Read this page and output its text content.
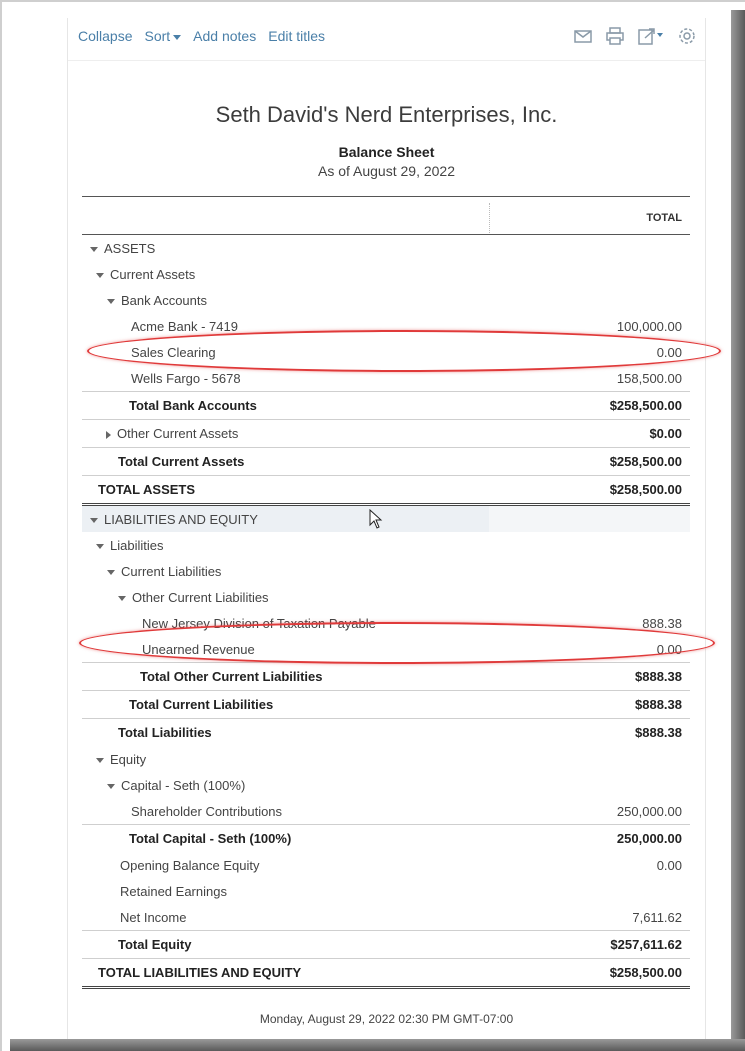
Collapse Sort	Add notes Edit titles
Seth David's Nerd Enterprises, Inc.
Balance Sheet
As of August 29, 2022
TOTAL
ASSETS
Current Assets
Bank Accounts
Acme Bank - 7419	100,000.00
Sales Clearing	0.00
Wells Fargo - 5678	158,500.00
Total Bank Accounts	$258,500.00
Other Current Assets	$0.00
Total Current Assets	$258,500.00
TOTAL ASSETS	$258,500.00
LIABILITIES AND EQUITY
Liabilities
Current Liabilities
Other Current Liabilities
New Jersey Division of Taxation Payable	888.38
Unearned Revenue	0.00
Total Other Current Liabilities	$888.38
Total Current Liabilities	$888.38
Total Liabilities	$888.38
Equity
Capital - Seth (100%)
Shareholder Contributions	250,000.00
Total Capital - Seth (100%)	250,000.00
Opening Balance Equity	0.00
Retained Earnings
Net Income	7,611.62
Total Equity	$257,611.62
TOTAL LIABILITIES AND EQUITY	$258,500.00
Monday, August 29, 2022 02:30 PM GMT-07:00
